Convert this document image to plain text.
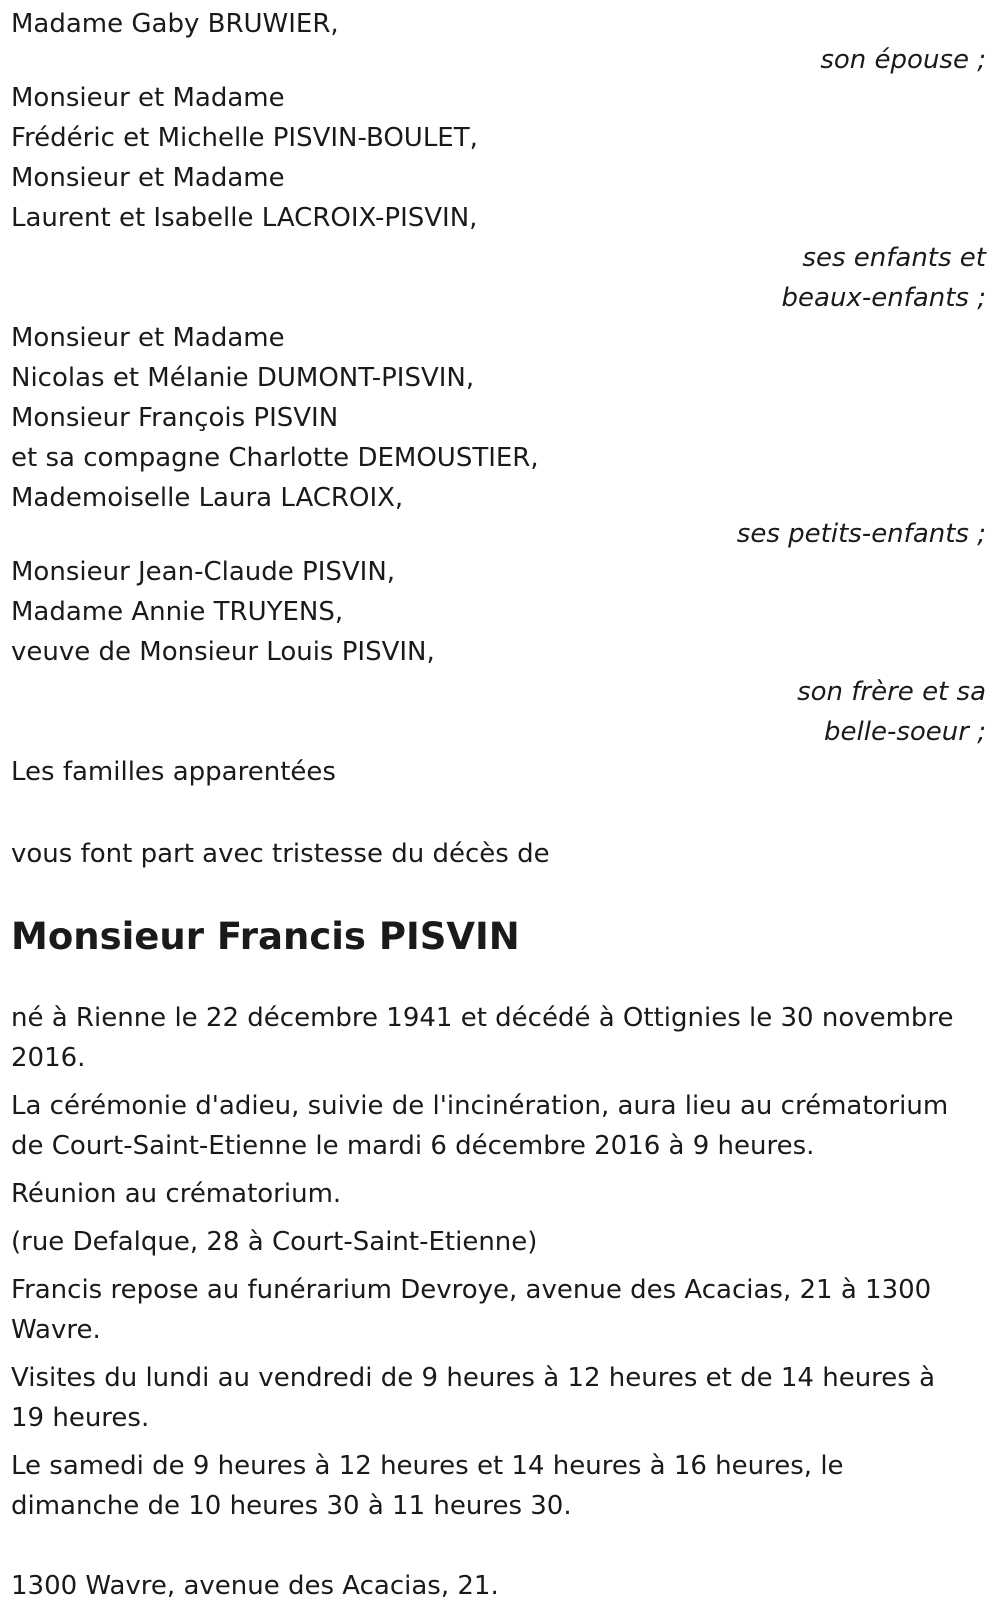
Madame Gaby BRUWIER,
son épouse ;
Monsieur et Madame
Frédéric et Michelle PISVIN-BOULET,
Monsieur et Madame
Laurent et Isabelle LACROIX-PISVIN,
ses enfants et
beaux-enfants ;
Monsieur et Madame
Nicolas et Mélanie DUMONT-PISVIN,
Monsieur François PISVIN
et sa compagne Charlotte DEMOUSTIER,
Mademoiselle Laura LACROIX,
ses petits-enfants ;
Monsieur Jean-Claude PISVIN,
Madame Annie TRUYENS,
veuve de Monsieur Louis PISVIN,
son frère et sa
belle-soeur ;
Les familles apparentées
vous font part avec tristesse du décès de
Monsieur Francis PISVIN

né à Rienne le 22 décembre 1941 et décédé à Ottignies le 30 novembre 2016.

La cérémonie d'adieu, suivie de l'incinération, aura lieu au crématorium de Court-Saint-Etienne le mardi 6 décembre 2016 à 9 heures.

Réunion au crématorium.

(rue Defalque, 28 à Court-Saint-Etienne)

Francis repose au funérarium Devroye, avenue des Acacias, 21 à 1300 Wavre.

Visites du lundi au vendredi de 9 heures à 12 heures et de 14 heures à 19 heures.

Le samedi de 9 heures à 12 heures et 14 heures à 16 heures, le dimanche de 10 heures 30 à 11 heures 30.

1300 Wavre, avenue des Acacias, 21.
